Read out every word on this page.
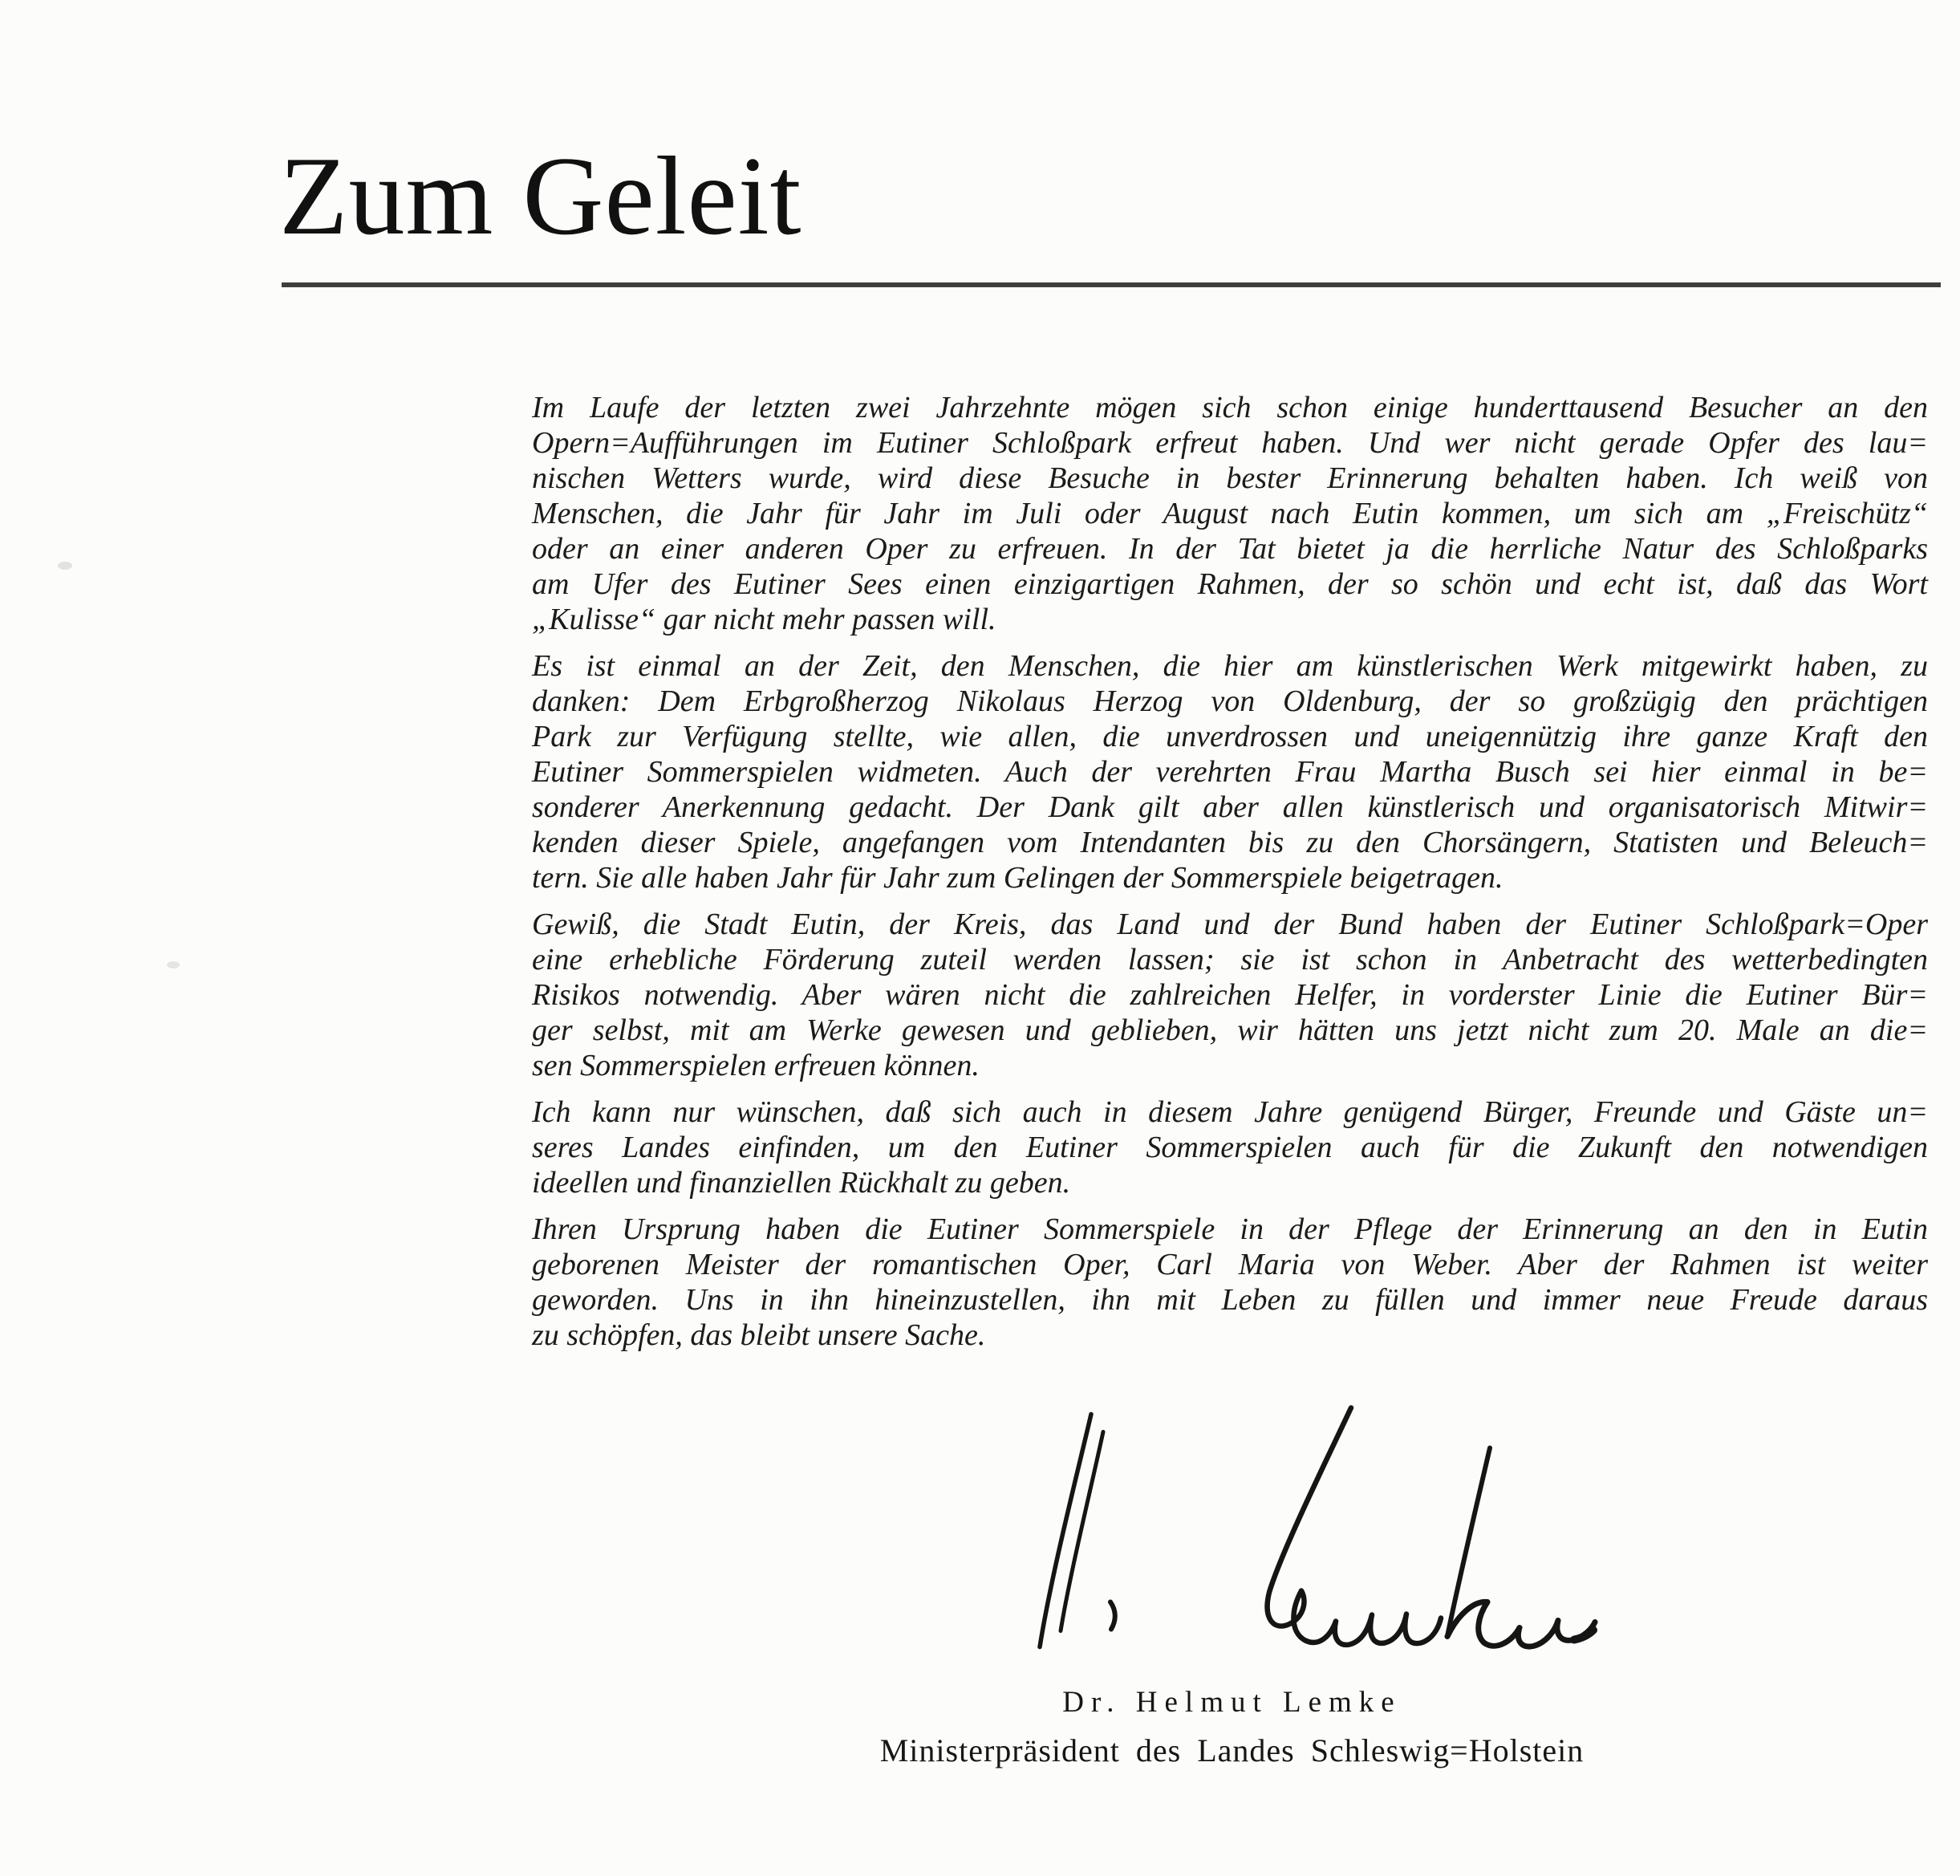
Zum Geleit
Im Laufe der letzten zwei Jahrzehnte mögen sich schon einige hunderttausend Besucher an den
Opern=Aufführungen im Eutiner Schloßpark erfreut haben. Und wer nicht gerade Opfer des lau=
nischen Wetters wurde, wird diese Besuche in bester Erinnerung behalten haben. Ich weiß von
Menschen, die Jahr für Jahr im Juli oder August nach Eutin kommen, um sich am „Freischütz“
oder an einer anderen Oper zu erfreuen. In der Tat bietet ja die herrliche Natur des Schloßparks
am Ufer des Eutiner Sees einen einzigartigen Rahmen, der so schön und echt ist, daß das Wort
„Kulisse“ gar nicht mehr passen will.
Es ist einmal an der Zeit, den Menschen, die hier am künstlerischen Werk mitgewirkt haben, zu
danken: Dem Erbgroßherzog Nikolaus Herzog von Oldenburg, der so großzügig den prächtigen
Park zur Verfügung stellte, wie allen, die unverdrossen und uneigennützig ihre ganze Kraft den
Eutiner Sommerspielen widmeten. Auch der verehrten Frau Martha Busch sei hier einmal in be=
sonderer Anerkennung gedacht. Der Dank gilt aber allen künstlerisch und organisatorisch Mitwir=
kenden dieser Spiele, angefangen vom Intendanten bis zu den Chorsängern, Statisten und Beleuch=
tern. Sie alle haben Jahr für Jahr zum Gelingen der Sommerspiele beigetragen.
Gewiß, die Stadt Eutin, der Kreis, das Land und der Bund haben der Eutiner Schloßpark=Oper
eine erhebliche Förderung zuteil werden lassen; sie ist schon in Anbetracht des wetterbedingten
Risikos notwendig. Aber wären nicht die zahlreichen Helfer, in vorderster Linie die Eutiner Bür=
ger selbst, mit am Werke gewesen und geblieben, wir hätten uns jetzt nicht zum 20. Male an die=
sen Sommerspielen erfreuen können.
Ich kann nur wünschen, daß sich auch in diesem Jahre genügend Bürger, Freunde und Gäste un=
seres Landes einfinden, um den Eutiner Sommerspielen auch für die Zukunft den notwendigen
ideellen und finanziellen Rückhalt zu geben.
Ihren Ursprung haben die Eutiner Sommerspiele in der Pflege der Erinnerung an den in Eutin
geborenen Meister der romantischen Oper, Carl Maria von Weber. Aber der Rahmen ist weiter
geworden. Uns in ihn hineinzustellen, ihn mit Leben zu füllen und immer neue Freude daraus
zu schöpfen, das bleibt unsere Sache.
Dr. Helmut Lemke
Ministerpräsident des Landes Schleswig=Holstein
